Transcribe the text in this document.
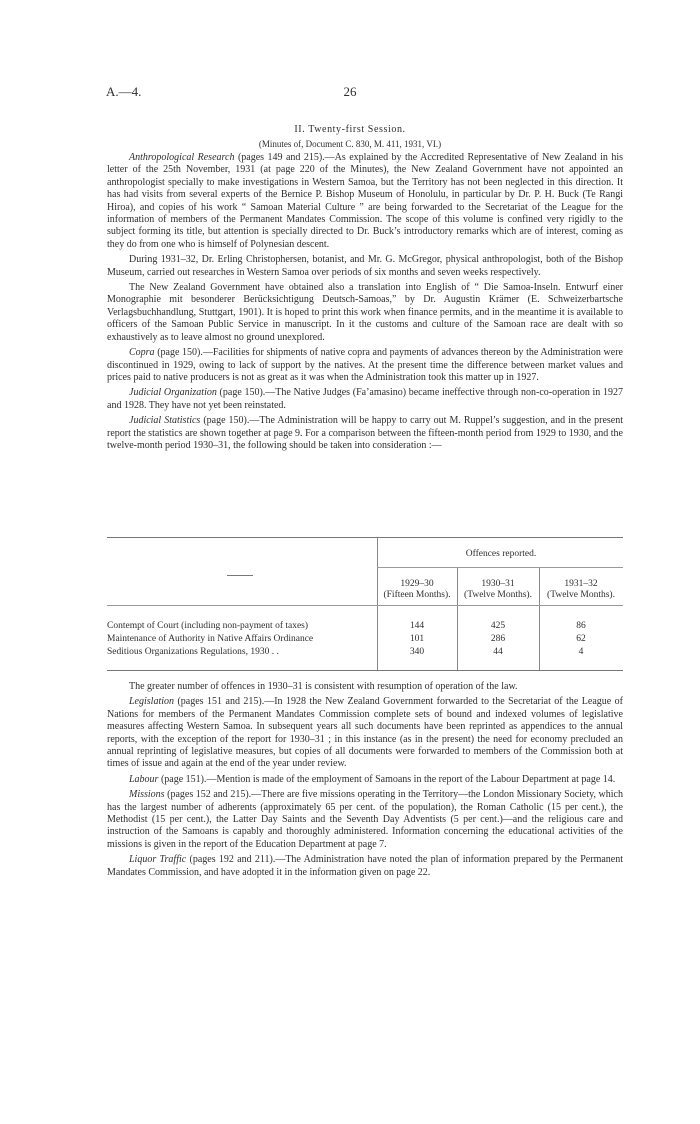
A.—4.	26
II. Twenty-first Session.
(Minutes of, Document C. 830, M. 411, 1931, VI.)

Anthropological Research (pages 149 and 215).—As explained by the Accredited Representative of New Zealand in his letter of the 25th November, 1931 (at page 220 of the Minutes), the New Zealand Government have not appointed an anthropologist specially to make investigations in Western Samoa, but the Territory has not been neglected in this direction. It has had visits from several experts of the Bernice P. Bishop Museum of Honolulu, in particular by Dr. P. H. Buck (Te Rangi Hiroa), and copies of his work “ Samoan Material Culture ” are being forwarded to the Secretariat of the League for the information of members of the Permanent Mandates Commission. The scope of this volume is confined very rigidly to the subject forming its title, but attention is specially directed to Dr. Buck’s introductory remarks which are of interest, coming as they do from one who is himself of Polynesian descent.

During 1931–32, Dr. Erling Christophersen, botanist, and Mr. G. McGregor, physical anthropologist, both of the Bishop Museum, carried out researches in Western Samoa over periods of six months and seven weeks respectively.

The New Zealand Government have obtained also a translation into English of “ Die Samoa-Inseln. Entwurf einer Monographie mit besonderer Berücksichtigung Deutsch-Samoas,” by Dr. Augustin Krämer (E. Schweizerbartsche Verlagsbuchhandlung, Stuttgart, 1901). It is hoped to print this work when finance permits, and in the meantime it is available to officers of the Samoan Public Service in manuscript. In it the customs and culture of the Samoan race are dealt with so exhaustively as to leave almost no ground unexplored.

Copra (page 150).—Facilities for shipments of native copra and payments of advances thereon by the Administration were discontinued in 1929, owing to lack of support by the natives. At the present time the difference between market values and prices paid to native producers is not as great as it was when the Administration took this matter up in 1927.

Judicial Organization (page 150).—The Native Judges (Fa’amasino) became ineffective through non-co-operation in 1927 and 1928. They have not yet been reinstated.

Judicial Statistics (page 150).—The Administration will be happy to carry out M. Ruppel’s suggestion, and in the present report the statistics are shown together at page 9. For a comparison between the fifteen-month period from 1929 to 1930, and the twelve-month period 1930–31, the following should be taken into consideration :—

Offences reported.
1929–30
(Fifteen Months).
1930–31
(Twelve Months).
1931–32
(Twelve Months).
Contempt of Court (including non-payment of taxes)	144	425	86
Maintenance of Authority in Native Affairs Ordinance	101	286	62
Seditious Organizations Regulations, 1930 . .	340	44	4

The greater number of offences in 1930–31 is consistent with resumption of operation of the law.

Legislation (pages 151 and 215).—In 1928 the New Zealand Government forwarded to the Secretariat of the League of Nations for members of the Permanent Mandates Commission complete sets of bound and indexed volumes of legislative measures affecting Western Samoa. In subsequent years all such documents have been reprinted as appendices to the annual reports, with the exception of the report for 1930–31 ; in this instance (as in the present) the need for economy precluded an annual reprinting of legislative measures, but copies of all documents were forwarded to members of the Commission both at times of issue and again at the end of the year under review.

Labour (page 151).—Mention is made of the employment of Samoans in the report of the Labour Department at page 14.

Missions (pages 152 and 215).—There are five missions operating in the Territory—the London Missionary Society, which has the largest number of adherents (approximately 65 per cent. of the population), the Roman Catholic (15 per cent.), the Methodist (15 per cent.), the Latter Day Saints and the Seventh Day Adventists (5 per cent.)—and the religious care and instruction of the Samoans is capably and thoroughly administered. Information concerning the educational activities of the missions is given in the report of the Education Department at page 7.

Liquor Traffic (pages 192 and 211).—The Administration have noted the plan of information prepared by the Permanent Mandates Commission, and have adopted it in the information given on page 22.
